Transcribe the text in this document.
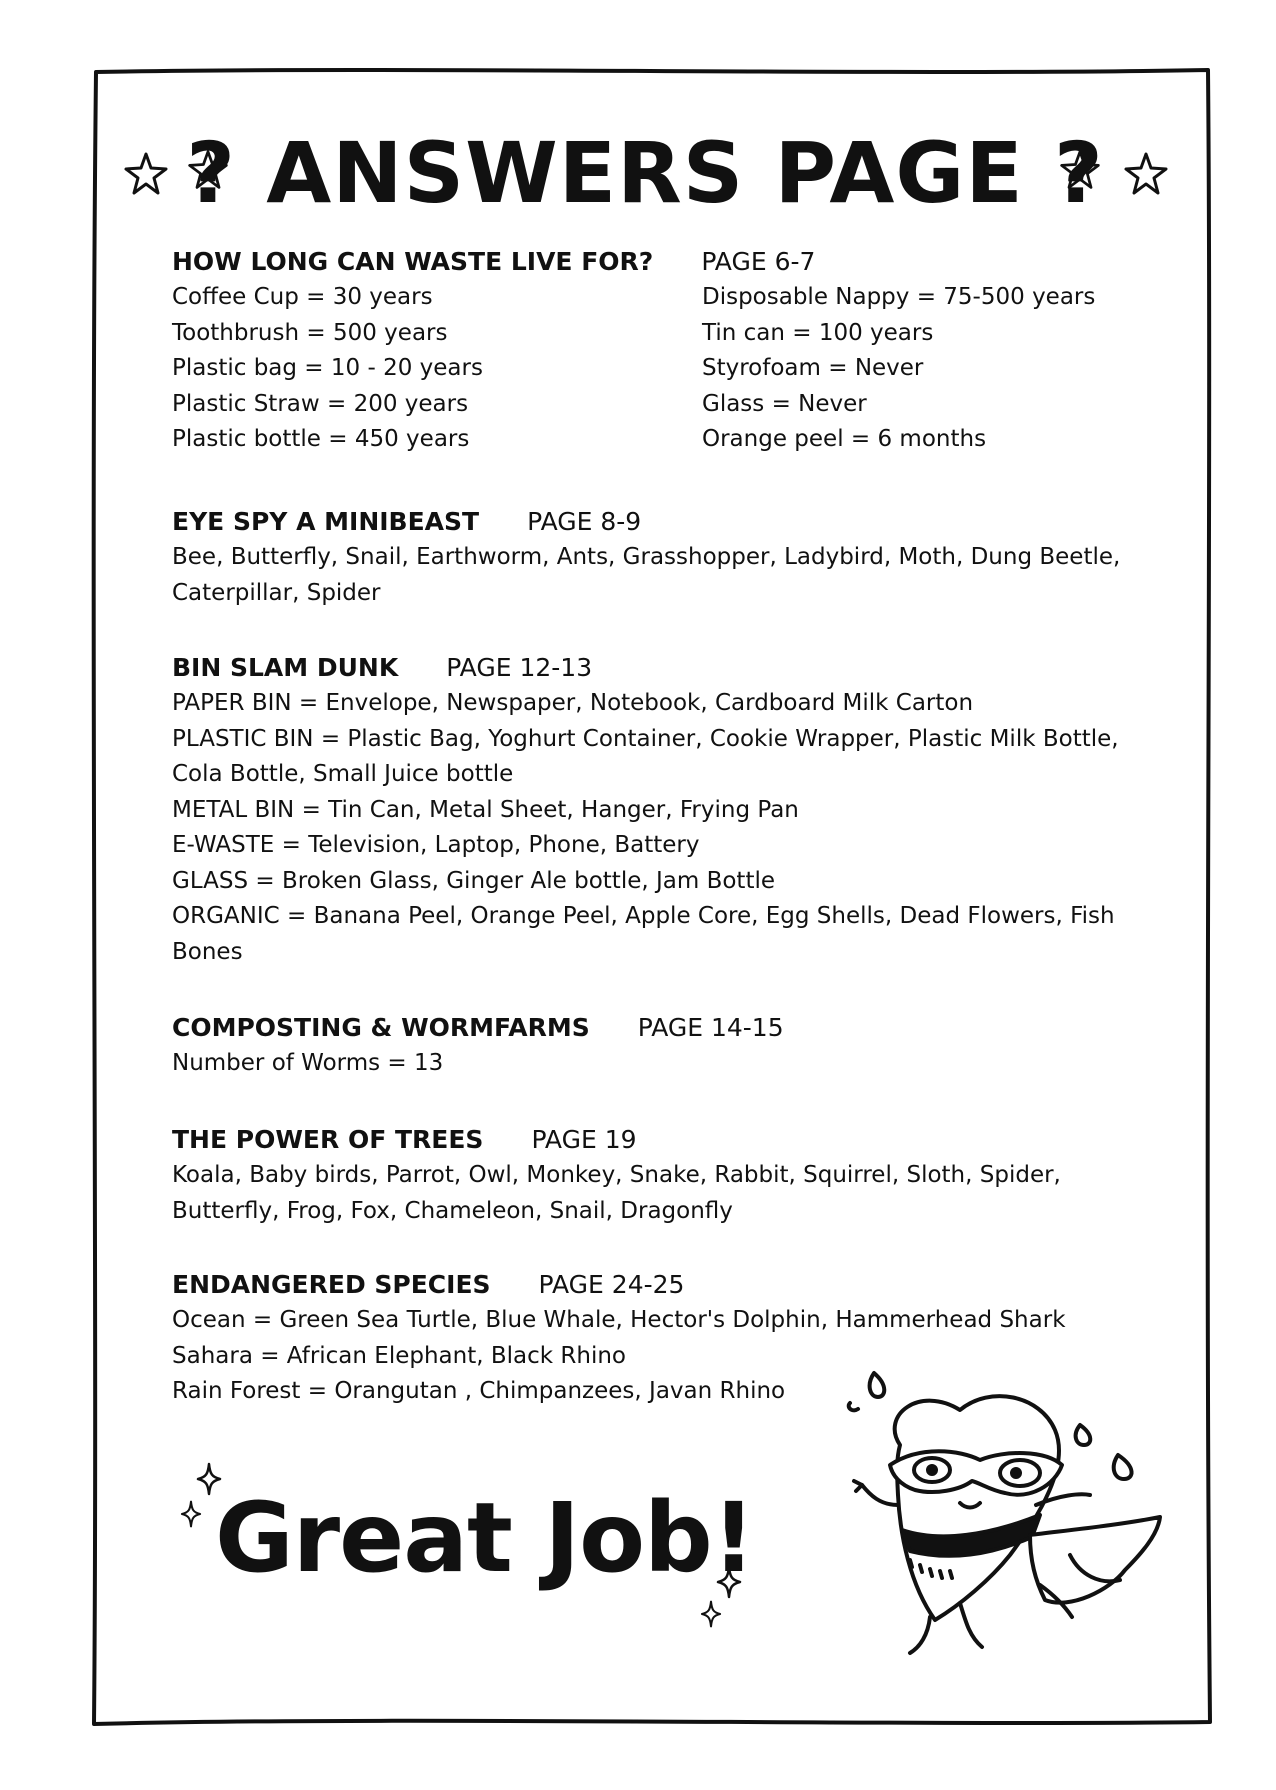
? ANSWERS PAGE ?
HOW LONG CAN WASTE LIVE FOR? PAGE 6-7
Coffee Cup = 30 years
Toothbrush = 500 years
Plastic bag = 10 - 20 years
Plastic Straw = 200 years
Plastic bottle = 450 years
Disposable Nappy = 75-500 years
Tin can = 100 years
Styrofoam = Never
Glass = Never
Orange peel = 6 months
EYE SPY A MINIBEAST PAGE 8-9
Bee, Butterfly, Snail, Earthworm, Ants, Grasshopper, Ladybird, Moth, Dung Beetle,
Caterpillar, Spider
BIN SLAM DUNK PAGE 12-13
PAPER BIN = Envelope, Newspaper, Notebook, Cardboard Milk Carton
PLASTIC BIN = Plastic Bag, Yoghurt Container, Cookie Wrapper, Plastic Milk Bottle,
Cola Bottle, Small Juice bottle
METAL BIN = Tin Can, Metal Sheet, Hanger, Frying Pan
E-WASTE = Television, Laptop, Phone, Battery
GLASS = Broken Glass, Ginger Ale bottle, Jam Bottle
ORGANIC = Banana Peel, Orange Peel, Apple Core, Egg Shells, Dead Flowers, Fish
Bones
COMPOSTING & WORMFARMS PAGE 14-15
Number of Worms = 13
THE POWER OF TREES PAGE 19
Koala, Baby birds, Parrot, Owl, Monkey, Snake, Rabbit, Squirrel, Sloth, Spider,
Butterfly, Frog, Fox, Chameleon, Snail, Dragonfly
ENDANGERED SPECIES PAGE 24-25
Ocean = Green Sea Turtle, Blue Whale, Hector's Dolphin, Hammerhead Shark
Sahara = African Elephant, Black Rhino
Rain Forest = Orangutan , Chimpanzees, Javan Rhino
Great Job!
